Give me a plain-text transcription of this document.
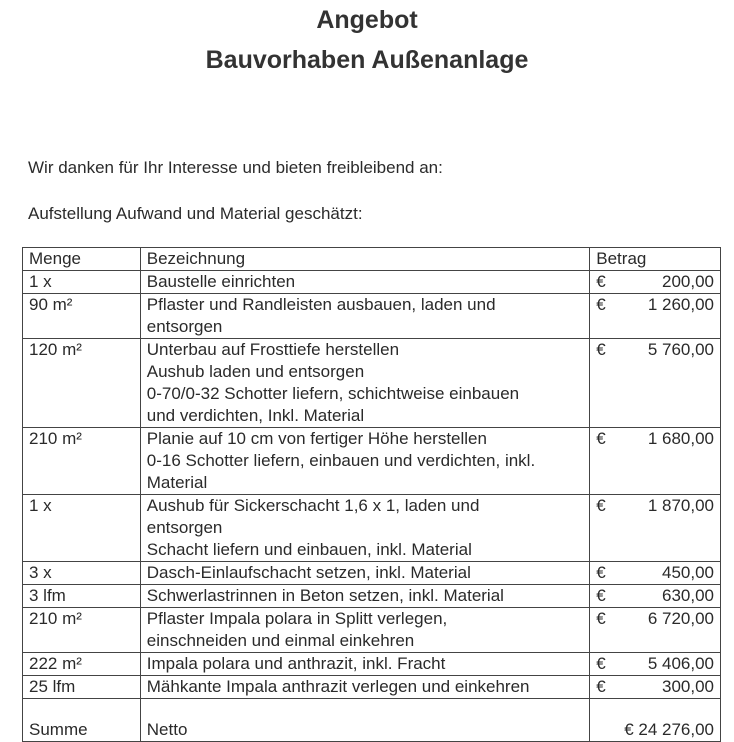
Angebot
Bauvorhaben Außenanlage
Wir danken für Ihr Interesse und bieten freibleibend an:
Aufstellung Aufwand und Material geschätzt:
Menge	Bezeichnung	Betrag
1 x	Baustelle einrichten	€ 200,00

90 m²	Pflaster und Randleisten ausbauen, laden und
entsorgen	€ 1 260,00

120 m²	Unterbau auf Frosttiefe herstellen
Aushub laden und entsorgen
0-70/0-32 Schotter liefern, schichtweise einbauen
und verdichten, Inkl. Material	€ 5 760,00

210 m²	Planie auf 10 cm von fertiger Höhe herstellen
0-16 Schotter liefern, einbauen und verdichten, inkl.
Material	€ 1 680,00

1 x	Aushub für Sickerschacht 1,6 x 1, laden und
entsorgen
Schacht liefern und einbauen, inkl. Material	€ 1 870,00

3 x	Dasch-Einlaufschacht setzen, inkl. Material	€ 450,00

3 lfm	Schwerlastrinnen in Beton setzen, inkl. Material	€ 630,00

210 m²	Pflaster Impala polara in Splitt verlegen,
einschneiden und einmal einkehren	€ 6 720,00

222 m²	Impala polara und anthrazit, inkl. Fracht	€ 5 406,00

25 lfm	Mähkante Impala anthrazit verlegen und einkehren	€ 300,00

Summe	Netto	€ 24 276,00
